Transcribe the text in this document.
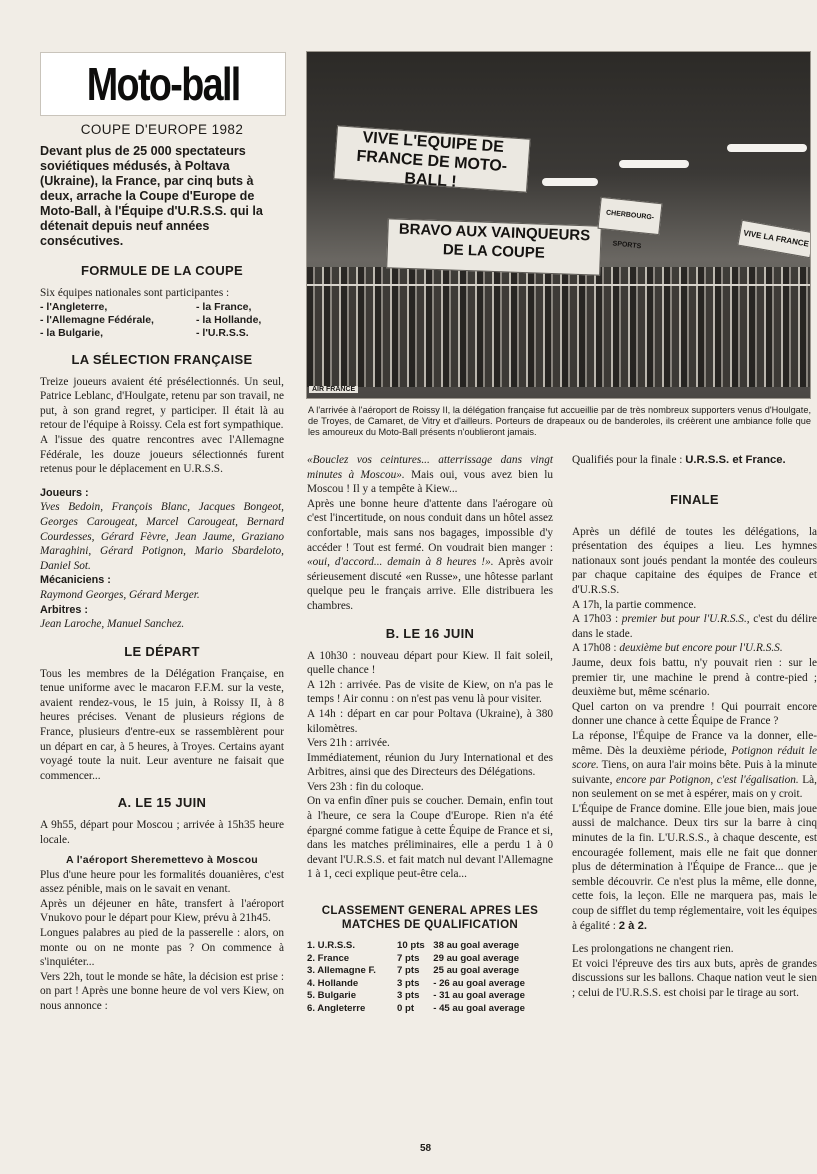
Moto-ball
COUPE D'EUROPE 1982
Devant plus de 25 000 spectateurs soviétiques médusés, à Poltava (Ukraine), la France, par cinq buts à deux, arrache la Coupe d'Europe de Moto-Ball, à l'Équipe d'U.R.S.S. qui la détenait depuis neuf années consécutives.
FORMULE DE LA COUPE

Six équipes nationales sont participantes :

- l'Angleterre,	- la France,
- l'Allemagne Fédérale,	- la Hollande,
- la Bulgarie,	- l'U.R.S.S.
LA SÉLECTION FRANÇAISE

Treize joueurs avaient été présélectionnés. Un seul, Patrice Leblanc, d'Houlgate, retenu par son travail, ne put, à son grand regret, y participer. Il était là au retour de l'équipe à Roissy. Cela est fort sympathique.

A l'issue des quatre rencontres avec l'Allemagne Fédérale, les douze joueurs sélectionnés furent retenus pour le déplacement en U.R.S.S.

Joueurs :

Yves Bedoin, François Blanc, Jacques Bongeot, Georges Carougeat, Marcel Carougeat, Bernard Courdesses, Gérard Fèvre, Jean Jaume, Graziano Maraghini, Gérard Potignon, Mario Sbardeloto, Daniel Sot.

Mécaniciens :

Raymond Georges, Gérard Merger.

Arbitres :

Jean Laroche, Manuel Sanchez.

LE DÉPART

Tous les membres de la Délégation Française, en tenue uniforme avec le macaron F.F.M. sur la veste, avaient rendez-vous, le 15 juin, à Roissy II, à 8 heures précises. Venant de plusieurs régions de France, plusieurs d'entre-eux se rassemblèrent pour un départ en car, à 5 heures, à Troyes. Certains ayant voyagé toute la nuit. Leur aventure ne faisait que commencer...

A. LE 15 JUIN

A 9h55, départ pour Moscou ; arrivée à 15h35 heure locale.

A l'aéroport Sheremettevo à Moscou

Plus d'une heure pour les formalités douanières, c'est assez pénible, mais on le savait en venant.

Après un déjeuner en hâte, transfert à l'aéroport Vnukovo pour le départ pour Kiew, prévu à 21h45.

Longues palabres au pied de la passerelle : alors, on monte ou on ne monte pas ? On commence à s'inquiéter...

Vers 22h, tout le monde se hâte, la décision est prise : on part ! Après une bonne heure de vol vers Kiew, on nous annonce :

VIVE L'EQUIPE DE FRANCE DE MOTO-BALL !
BRAVO AUX VAINQUEURS DE LA COUPE
CHERBOURG-SPORTS	VIVE LA FRANCE
AIR FRANCE
A l'arrivée à l'aéroport de Roissy II, la délégation française fut accueillie par de très nombreux supporters venus d'Houlgate, de Troyes, de Camaret, de Vitry et d'ailleurs. Porteurs de drapeaux ou de banderoles, ils créèrent une ambiance folle que les amoureux du Moto-Ball présents n'oublieront jamais.

«Bouclez vos ceintures... atterrissage dans vingt minutes à Moscou». Mais oui, vous avez bien lu Moscou ! Il y a tempête à Kiew...

Après une bonne heure d'attente dans l'aérogare où c'est l'incertitude, on nous conduit dans un hôtel assez confortable, mais sans nos bagages, impossible d'y accéder ! Tout est fermé. On voudrait bien manger : «oui, d'accord... demain à 8 heures !». Après avoir sérieusement discuté «en Russe», une hôtesse parlant quelque peu le français arrive. Elle distribuera les chambres.

B. LE 16 JUIN

A 10h30 : nouveau départ pour Kiew. Il fait soleil, quelle chance !

A 12h : arrivée. Pas de visite de Kiew, on n'a pas le temps ! Air connu : on n'est pas venu là pour visiter.

A 14h : départ en car pour Poltava (Ukraine), à 380 kilomètres.

Vers 21h : arrivée.

Immédiatement, réunion du Jury International et des Arbitres, ainsi que des Directeurs des Délégations.

Vers 23h : fin du coloque.

On va enfin dîner puis se coucher. Demain, enfin tout à l'heure, ce sera la Coupe d'Europe. Rien n'a été épargné comme fatigue à cette Équipe de France et si, dans les matches préliminaires, elle a perdu 1 à 0 devant l'U.R.S.S. et fait match nul devant l'Allemagne 1 à 1, ceci explique peut-être cela...

CLASSEMENT GENERAL APRES LES MATCHES DE QUALIFICATION
1. U.R.S.S.	10 pts	38 au goal average
2. France	7 pts	29 au goal average
3. Allemagne F.	7 pts	25 au goal average
4. Hollande	3 pts	- 26 au goal average
5. Bulgarie	3 pts	- 31 au goal average
6. Angleterre	0 pt	- 45 au goal average

Qualifiés pour la finale : U.R.S.S. et France.

FINALE

Après un défilé de toutes les délégations, la présentation des équipes a lieu. Les hymnes nationaux sont joués pendant la montée des couleurs par chaque capitaine des équipes de France et d'U.R.S.S.

A 17h, la partie commence.

A 17h03 : premier but pour l'U.R.S.S., c'est du délire dans le stade.

A 17h08 : deuxième but encore pour l'U.R.S.S.

Jaume, deux fois battu, n'y pouvait rien : sur le premier tir, une machine le prend à contre-pied ; deuxième but, même scénario.

Quel carton on va prendre ! Qui pourrait encore donner une chance à cette Équipe de France ?

La réponse, l'Équipe de France va la donner, elle-même. Dès la deuxième période, Potignon réduit le score. Tiens, on aura l'air moins bête. Puis à la minute suivante, encore par Potignon, c'est l'égalisation. Là, non seulement on se met à espérer, mais on y croit.

L'Équipe de France domine. Elle joue bien, mais joue aussi de malchance. Deux tirs sur la barre à cinq minutes de la fin. L'U.R.S.S., à chaque descente, est encouragée follement, mais elle ne fait que donner plus de détermination à l'Équipe de France... que je semble découvrir. Ce n'est plus la même, elle donne, cette fois, la leçon. Elle ne marquera pas, mais le coup de sifflet du temp réglementaire, voit les équipes à égalité : 2 à 2.

Les prolongations ne changent rien.

Et voici l'épreuve des tirs aux buts, après de grandes discussions sur les ballons. Chaque nation veut le sien ; celui de l'U.R.S.S. est choisi par le tirage au sort.

58
